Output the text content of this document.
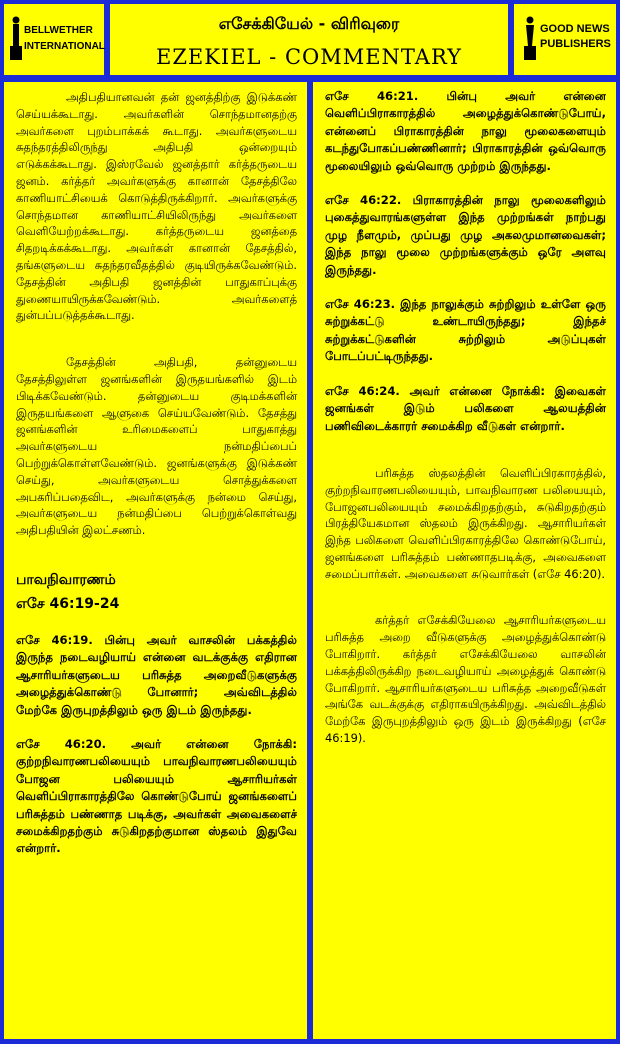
BELLWETHER
INTERNATIONAL
எசேக்கியேல் - விரிவுரை
EZEKIEL - COMMENTARY
GOOD NEWS
PUBLISHERS

அதிபதியானவன் தன் ஜனத்திற்கு இடுக்கண் செய்யக்கூடாது. அவர்களின் சொந்தமானதற்கு அவர்களை புறம்பாக்கக் கூடாது. அவர்களுடைய சுதந்தரத்திலிருந்து அதிபதி ஒன்றையும் எடுக்கக்கூடாது. இஸ்ரவேல் ஜனத்தார் கர்த்தருடைய ஜனம். கர்த்தர் அவர்களுக்கு கானான் தேசத்திலே காணியாட்சியைக் கொடுத்திருக்கிறார். அவர்களுக்கு சொந்தமான காணியாட்சியிலிருந்து அவர்களை வெளியேற்றக்கூடாது. கர்த்தருடைய ஜனத்தை சிதறடிக்கக்கூடாது. அவர்கள் கானான் தேசத்தில், தங்களுடைய சுதந்தரவீதத்தில் குடியிருக்கவேண்டும். தேசத்தின் அதிபதி ஜனத்தின் பாதுகாப்புக்கு துணையாயிருக்கவேண்டும். அவர்களைத் துன்பப்படுத்தக்கூடாது.

தேசத்தின் அதிபதி, தன்னுடைய தேசத்திலுள்ள ஜனங்களின் இருதயங்களில் இடம் பிடிக்கவேண்டும். தன்னுடைய குடிமக்களின் இருதயங்களை ஆளுகை செய்யவேண்டும். தேசத்து ஜனங்களின் உரிமைகளைப் பாதுகாத்து அவர்களுடைய நன்மதிப்பைப் பெற்றுக்கொள்ளவேண்டும். ஜனங்களுக்கு இடுக்கண் செய்து, அவர்களுடைய சொத்துக்களை அபகரிப்பதைவிட, அவர்களுக்கு நன்மை செய்து, அவர்களுடைய நன்மதிப்பை பெற்றுக்கொள்வது அதிபதியின் இலட்சணம்.

பாவநிவாரணம்
எசே 46:19-24

எசே 46:19. பின்பு அவர் வாசலின் பக்கத்தில் இருந்த நடைவழியாய் என்னை வடக்குக்கு எதிரான ஆசாரியர்களுடைய பரிசுத்த அறைவீடுகளுக்கு அழைத்துக்கொண்டு போனார்; அவ்விடத்தில் மேற்கே இருபுறத்திலும் ஒரு இடம் இருந்தது.

எசே 46:20. அவர் என்னை நோக்கி: குற்றநிவாரணபலியையும் பாவநிவாரணபலியையும் போஜன பலியையும் ஆசாரியர்கள் வெளிப்பிராகாரத்திலே கொண்டுபோய் ஜனங்களைப் பரிசுத்தம் பண்ணாத படிக்கு, அவர்கள் அவைகளைச் சமைக்கிறதற்கும் சுடுகிறதற்குமான ஸ்தலம் இதுவே என்றார்.

எசே 46:21. பின்பு அவர் என்னை வெளிப்பிராகாரத்தில் அழைத்துக்கொண்டுபோய், என்னைப் பிராகாரத்தின் நாலு மூலைகளையும் கடந்துபோகப்பண்ணினார்; பிராகாரத்தின் ஒவ்வொரு மூலையிலும் ஒவ்வொரு முற்றம் இருந்தது.

எசே 46:22. பிராகாரத்தின் நாலு மூலைகளிலும் புகைத்துவாரங்களுள்ள இந்த முற்றங்கள் நாற்பது முழ நீளமும், முப்பது முழ அகலமுமானவைகள்; இந்த நாலு மூலை முற்றங்களுக்கும் ஒரே அளவு இருந்தது.

எசே 46:23. இந்த நாலுக்கும் சுற்றிலும் உள்ளே ஒரு சுற்றுக்கட்டு உண்டாயிருந்தது; இந்தச் சுற்றுக்கட்டுகளின் சுற்றிலும் அடுப்புகள் போடப்பட்டிருந்தது.

எசே 46:24. அவர் என்னை நோக்கி: இவைகள் ஜனங்கள் இடும் பலிகளை ஆலயத்தின் பணிவிடைக்காரர் சமைக்கிற வீடுகள் என்றார்.

பரிசுத்த ஸ்தலத்தின் வெளிப்பிரகாரத்தில், குற்றநிவாரணபலியையும், பாவநிவாரண பலியையும், போஜனபலியையும் சமைக்கிறதற்கும், சுடுகிறதற்கும் பிரத்தியேகமான ஸ்தலம் இருக்கிறது. ஆசாரியர்கள் இந்த பலிகளை வெளிப்பிரகாரத்திலே கொண்டுபோய், ஜனங்களை பரிசுத்தம் பண்ணாதபடிக்கு, அவைகளை சமைப்பார்கள். அவைகளை சுடுவார்கள் (எசே 46:20).

கர்த்தர் எசேக்கியேலை ஆசாரியர்களுடைய பரிசுத்த அறை வீடுகளுக்கு அழைத்துக்கொண்டு போகிறார். கர்த்தர் எசேக்கியேலை வாசலின் பக்கத்திலிருக்கிற நடைவழியாய் அழைத்துக் கொண்டு போகிறார். ஆசாரியர்களுடைய பரிசுத்த அறைவீடுகள் அங்கே வடக்குக்கு எதிராகயிருக்கிறது. அவ்விடத்தில் மேற்கே இருபுறத்திலும் ஒரு இடம் இருக்கிறது (எசே 46:19).
